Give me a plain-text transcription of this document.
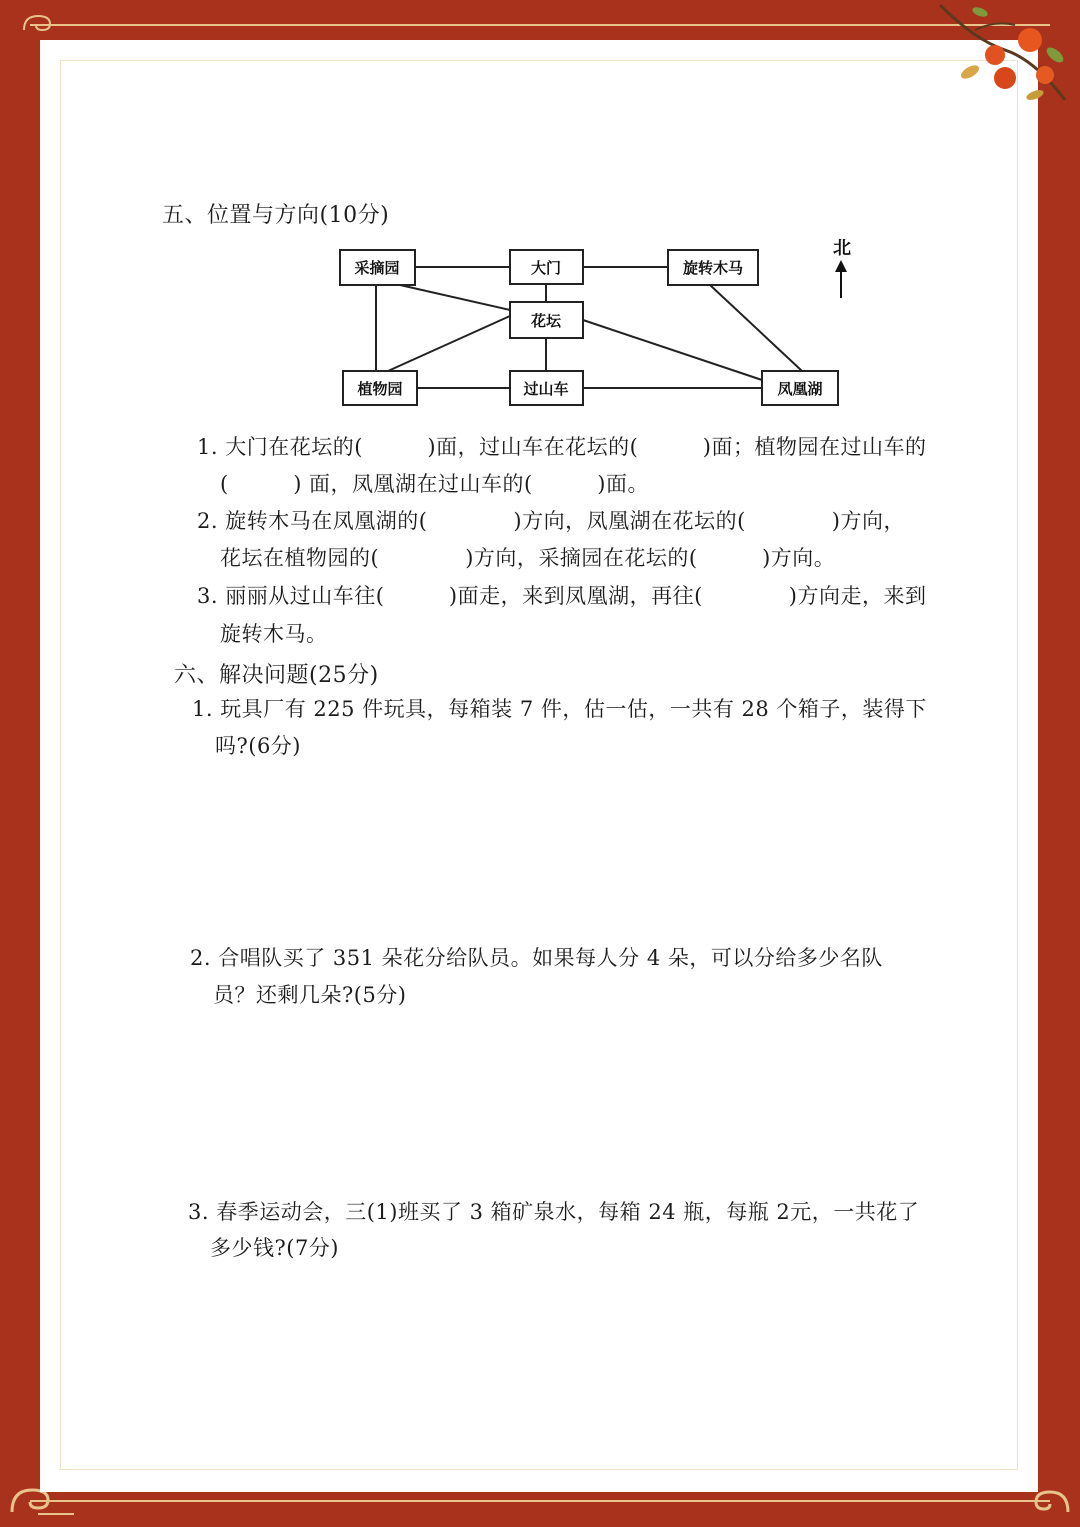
五、位置与方向(10分)
采摘园	大门	旋转木马
花坛
植物园	过山车	凤凰湖
北
1. 大门在花坛的(　　　)面，过山车在花坛的(　　　)面；植物园在过山车的
(　　　) 面，凤凰湖在过山车的(　　　)面。
2. 旋转木马在凤凰湖的(　　　　)方向，凤凰湖在花坛的(　　　　)方向，
花坛在植物园的(　　　　)方向，采摘园在花坛的(　　　)方向。
3. 丽丽从过山车往(　　　)面走，来到凤凰湖，再往(　　　　)方向走，来到
旋转木马。
六、解决问题(25分)
1. 玩具厂有 225 件玩具，每箱装 7 件，估一估，一共有 28 个箱子，装得下
吗?(6分)
2. 合唱队买了 351 朵花分给队员。如果每人分 4 朵，可以分给多少名队
员？还剩几朵?(5分)
3. 春季运动会，三(1)班买了 3 箱矿泉水，每箱 24 瓶，每瓶 2元，一共花了
多少钱?(7分)
